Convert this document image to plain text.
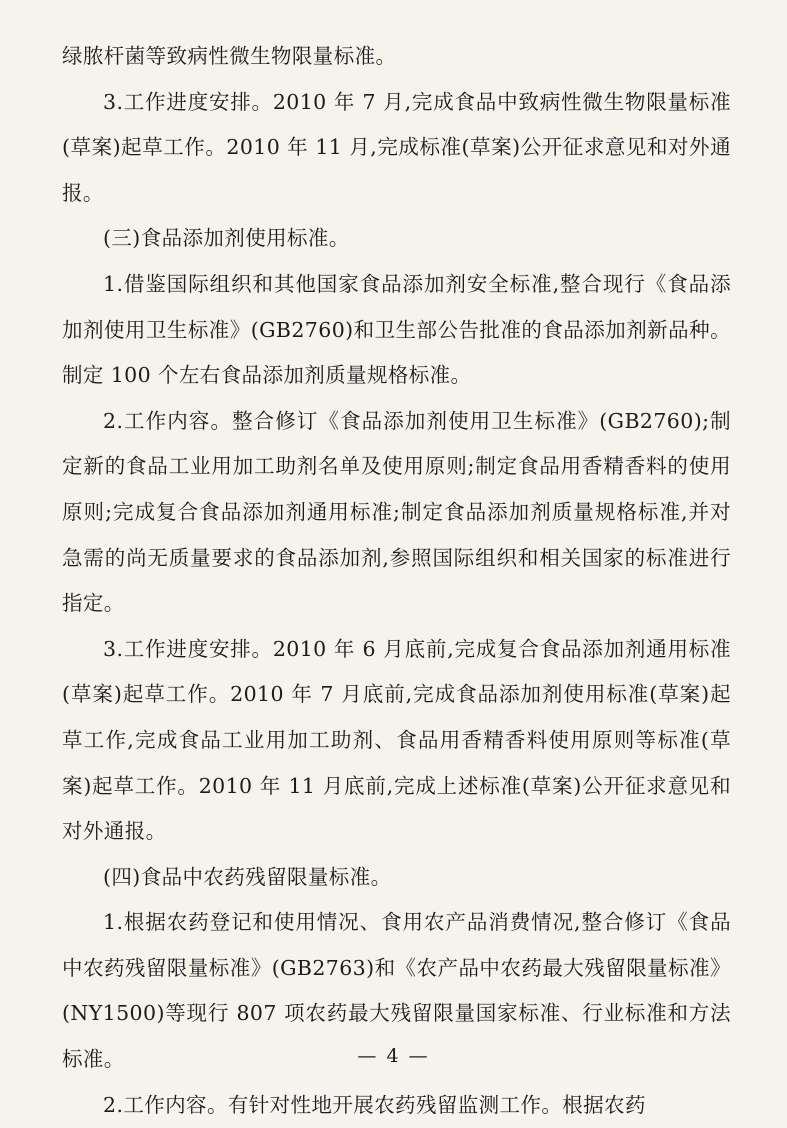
绿脓杆菌等致病性微生物限量标准。

3.工作进度安排。2010 年 7 月,完成食品中致病性微生物限量标准(草案)起草工作。2010 年 11 月,完成标准(草案)公开征求意见和对外通报。

(三)食品添加剂使用标准。

1.借鉴国际组织和其他国家食品添加剂安全标准,整合现行《食品添加剂使用卫生标准》(GB2760)和卫生部公告批准的食品添加剂新品种。制定 100 个左右食品添加剂质量规格标准。

2.工作内容。整合修订《食品添加剂使用卫生标准》(GB2760);制定新的食品工业用加工助剂名单及使用原则;制定食品用香精香料的使用原则;完成复合食品添加剂通用标准;制定食品添加剂质量规格标准,并对急需的尚无质量要求的食品添加剂,参照国际组织和相关国家的标准进行指定。

3.工作进度安排。2010 年 6 月底前,完成复合食品添加剂通用标准(草案)起草工作。2010 年 7 月底前,完成食品添加剂使用标准(草案)起草工作,完成食品工业用加工助剂、食品用香精香料使用原则等标准(草案)起草工作。2010 年 11 月底前,完成上述标准(草案)公开征求意见和对外通报。

(四)食品中农药残留限量标准。

1.根据农药登记和使用情况、食用农产品消费情况,整合修订《食品中农药残留限量标准》(GB2763)和《农产品中农药最大残留限量标准》(NY1500)等现行 807 项农药最大残留限量国家标准、行业标准和方法标准。

2.工作内容。有针对性地开展农药残留监测工作。根据农药

— 4 —
